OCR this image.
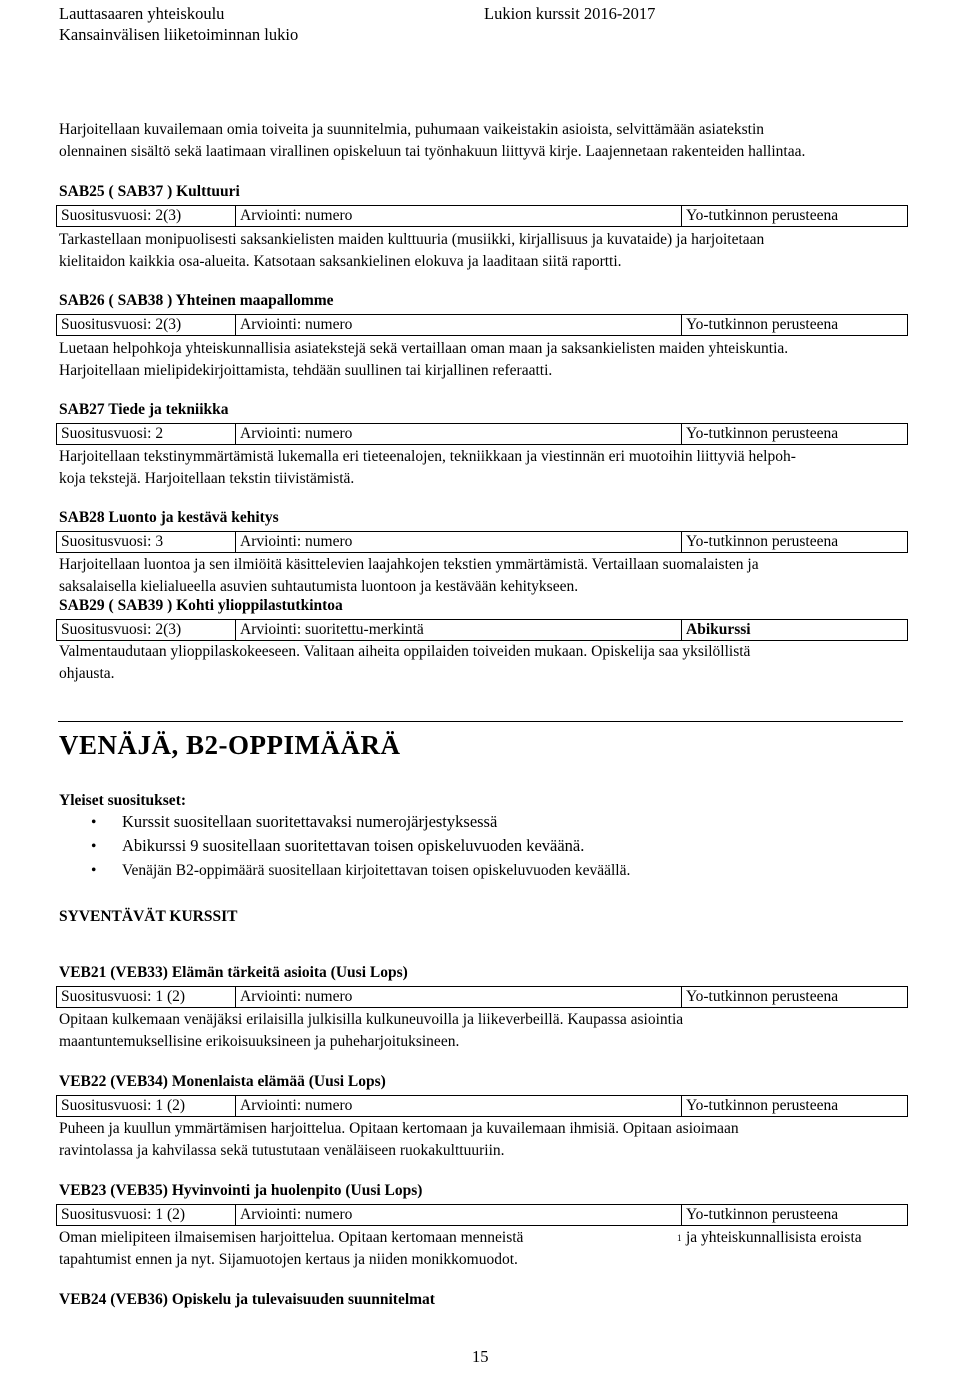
Lauttasaaren yhteiskoulu
Kansainvälisen liiketoiminnan lukio
Lukion kurssit 2016-2017
Harjoitellaan kuvailemaan omia toiveita ja suunnitelmia, puhumaan vaikeistakin asioista, selvittämään asiatekstin
olennainen sisältö sekä laatimaan virallinen opiskeluun tai työnhakuun liittyvä kirje. Laajennetaan rakenteiden hallintaa.
SAB25 ( SAB37 ) Kulttuuri
Suositusvuosi: 2(3)	Arviointi: numero	Yo-tutkinnon perusteena
Tarkastellaan monipuolisesti saksankielisten maiden kulttuuria (musiikki, kirjallisuus ja kuvataide) ja harjoitetaan
kielitaidon kaikkia osa-alueita. Katsotaan saksankielinen elokuva ja laaditaan siitä raportti.
SAB26 ( SAB38 ) Yhteinen maapallomme
Suositusvuosi: 2(3)	Arviointi: numero	Yo-tutkinnon perusteena
Luetaan helpohkoja yhteiskunnallisia asiatekstejä sekä vertaillaan oman maan ja saksankielisten maiden yhteiskuntia.
Harjoitellaan mielipidekirjoittamista, tehdään suullinen tai kirjallinen referaatti.
SAB27 Tiede ja tekniikka
Suositusvuosi: 2	Arviointi: numero	Yo-tutkinnon perusteena
Harjoitellaan tekstinymmärtämistä lukemalla eri tieteenalojen, tekniikkaan ja viestinnän eri muotoihin liittyviä helpoh-
koja tekstejä. Harjoitellaan tekstin tiivistämistä.
SAB28 Luonto ja kestävä kehitys
Suositusvuosi: 3	Arviointi: numero	Yo-tutkinnon perusteena
Harjoitellaan luontoa ja sen ilmiöitä käsittelevien laajahkojen tekstien ymmärtämistä. Vertaillaan suomalaisten ja
saksalaisella kielialueella asuvien suhtautumista luontoon ja kestävään kehitykseen.
SAB29 ( SAB39 ) Kohti ylioppilastutkintoa
Suositusvuosi: 2(3)	Arviointi: suoritettu-merkintä	Abikurssi
Valmentaudutaan ylioppilaskokeeseen. Valitaan aiheita oppilaiden toiveiden mukaan. Opiskelija saa yksilöllistä
ohjausta.
VENÄJÄ, B2-OPPIMÄÄRÄ
Yleiset suositukset:
• Kurssit suositellaan suoritettavaksi numerojärjestyksessä
• Abikurssi 9 suositellaan suoritettavan toisen opiskeluvuoden keväänä.
• Venäjän B2-oppimäärä suositellaan kirjoitettavan toisen opiskeluvuoden keväällä.
SYVENTÄVÄT KURSSIT
VEB21 (VEB33) Elämän tärkeitä asioita (Uusi Lops)
Suositusvuosi: 1 (2)	Arviointi: numero	Yo-tutkinnon perusteena
Opitaan kulkemaan venäjäksi erilaisilla julkisilla kulkuneuvoilla ja liikeverbeillä. Kaupassa asiointia
maantuntemuksellisine erikoisuuksineen ja puheharjoituksineen.
VEB22 (VEB34) Monenlaista elämää (Uusi Lops)
Suositusvuosi: 1 (2)	Arviointi: numero	Yo-tutkinnon perusteena
Puheen ja kuullun ymmärtämisen harjoittelua. Opitaan kertomaan ja kuvailemaan ihmisiä. Opitaan asioimaan
ravintolassa ja kahvilassa sekä tutustutaan venäläiseen ruokakulttuuriin.
VEB23 (VEB35) Hyvinvointi ja huolenpito (Uusi Lops)
Suositusvuosi: 1 (2)	Arviointi: numero	Yo-tutkinnon perusteena
Oman mielipiteen ilmaisemisen harjoittelua. Opitaan kertomaan menneistä	1 ja yhteiskunnallisista eroista
tapahtumist ennen ja nyt. Sijamuotojen kertaus ja niiden monikkomuodot.
VEB24 (VEB36) Opiskelu ja tulevaisuuden suunnitelmat
15
